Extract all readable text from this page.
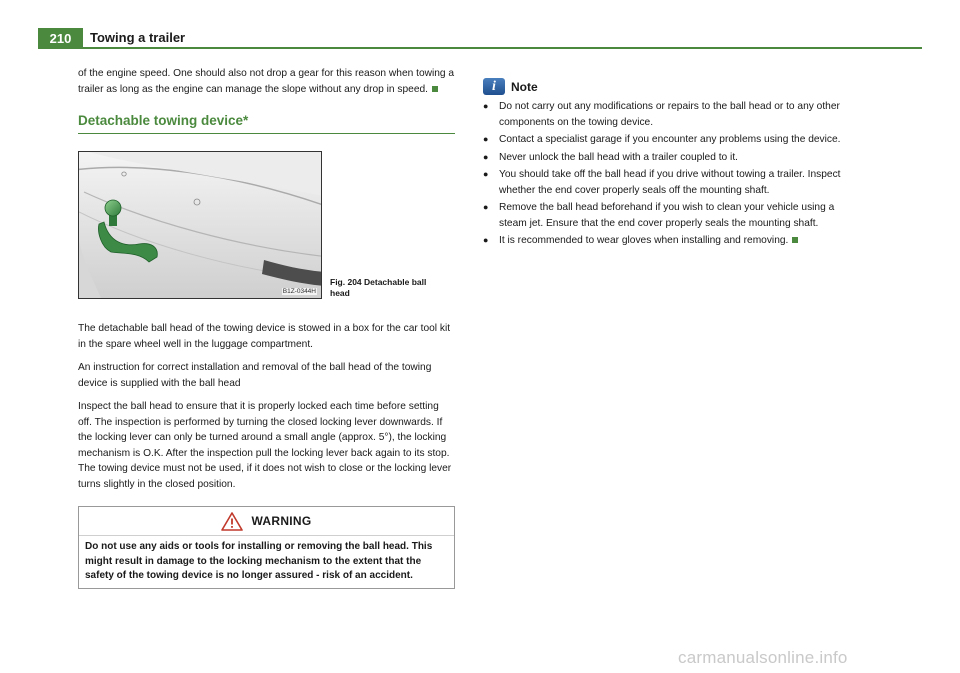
210	Towing a trailer

of the engine speed. One should also not drop a gear for this reason when towing a trailer as long as the engine can manage the slope without any drop in speed.

Detachable towing device*
B1Z-0344H
Fig. 204 Detachable ball head

The detachable ball head of the towing device is stowed in a box for the car tool kit in the spare wheel well in the luggage compartment.

An instruction for correct installation and removal of the ball head of the towing device is supplied with the ball head

Inspect the ball head to ensure that it is properly locked each time before setting off. The inspection is performed by turning the closed locking lever downwards. If the locking lever can only be turned around a small angle (approx. 5°), the locking mechanism is O.K. After the inspection pull the locking lever back again to its stop. The towing device must not be used, if it does not wish to close or the locking lever turns slightly in the closed position.

WARNING
Do not use any aids or tools for installing or removing the ball head. This might result in damage to the locking mechanism to the extent that the safety of the towing device is no longer assured - risk of an accident.
i	Note
●
Do not carry out any modifications or repairs to the ball head or to any other components on the towing device.
●
Contact a specialist garage if you encounter any problems using the device.
●
Never unlock the ball head with a trailer coupled to it.
●
You should take off the ball head if you drive without towing a trailer. Inspect whether the end cover properly seals off the mounting shaft.
●
Remove the ball head beforehand if you wish to clean your vehicle using a steam jet. Ensure that the end cover properly seals the mounting shaft.
●
It is recommended to wear gloves when installing and removing.
carmanualsonline.info
